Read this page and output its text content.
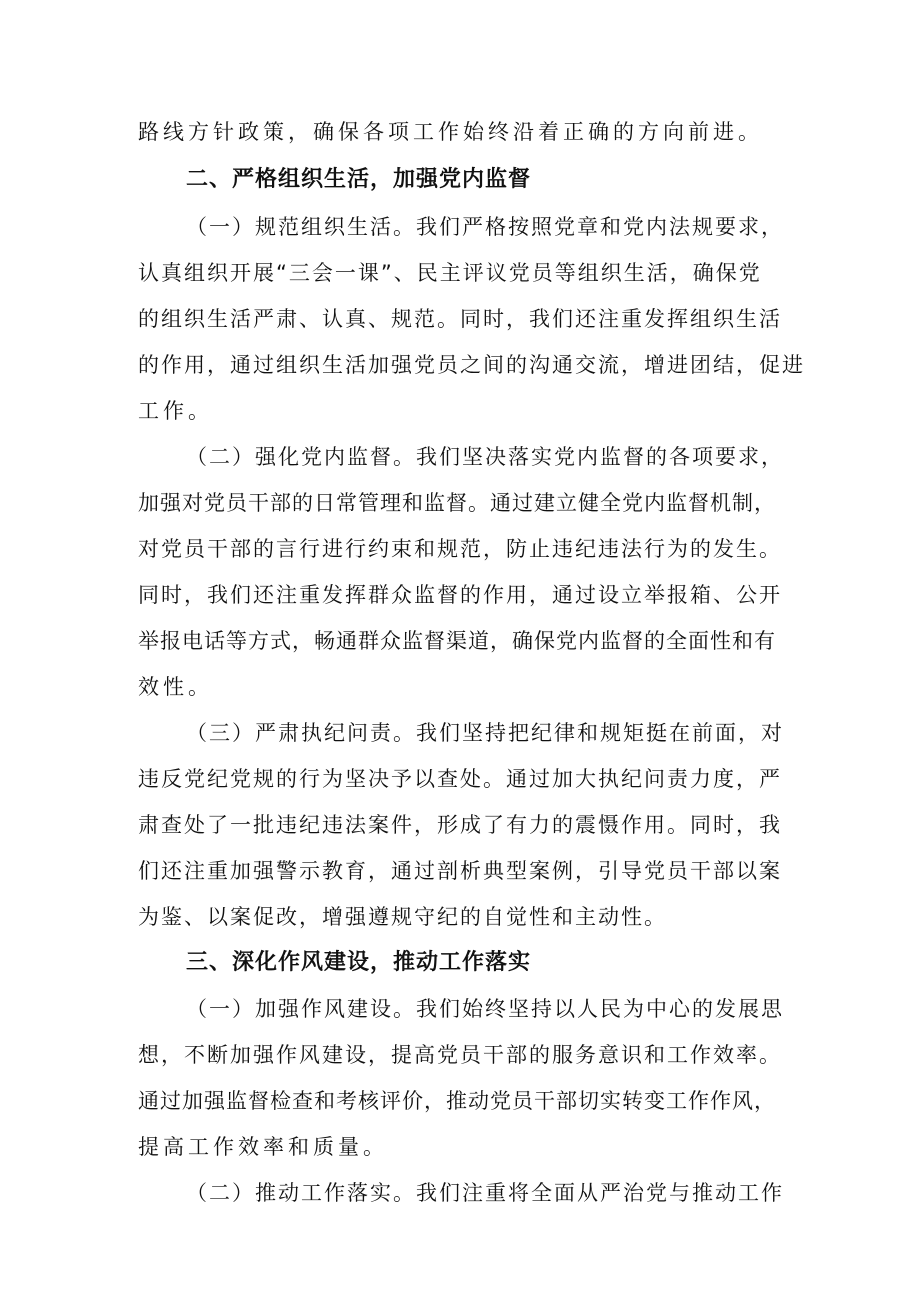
路线方针政策，确保各项工作始终沿着正确的方向前进。
二、严格组织生活，加强党内监督
（一）规范组织生活。我们严格按照党章和党内法规要求，
认真组织开展“三会一课”、民主评议党员等组织生活，确保党
的组织生活严肃、认真、规范。同时，我们还注重发挥组织生活
的作用，通过组织生活加强党员之间的沟通交流，增进团结，促进
工作。
（二）强化党内监督。我们坚决落实党内监督的各项要求，
加强对党员干部的日常管理和监督。通过建立健全党内监督机制，
对党员干部的言行进行约束和规范，防止违纪违法行为的发生。
同时，我们还注重发挥群众监督的作用，通过设立举报箱、公开
举报电话等方式，畅通群众监督渠道，确保党内监督的全面性和有
效性。
（三）严肃执纪问责。我们坚持把纪律和规矩挺在前面，对
违反党纪党规的行为坚决予以查处。通过加大执纪问责力度，严
肃查处了一批违纪违法案件，形成了有力的震慑作用。同时，我
们还注重加强警示教育，通过剖析典型案例，引导党员干部以案
为鉴、以案促改，增强遵规守纪的自觉性和主动性。
三、深化作风建设，推动工作落实
（一）加强作风建设。我们始终坚持以人民为中心的发展思
想，不断加强作风建设，提高党员干部的服务意识和工作效率。
通过加强监督检查和考核评价，推动党员干部切实转变工作作风，
提高工作效率和质量。
（二）推动工作落实。我们注重将全面从严治党与推动工作
